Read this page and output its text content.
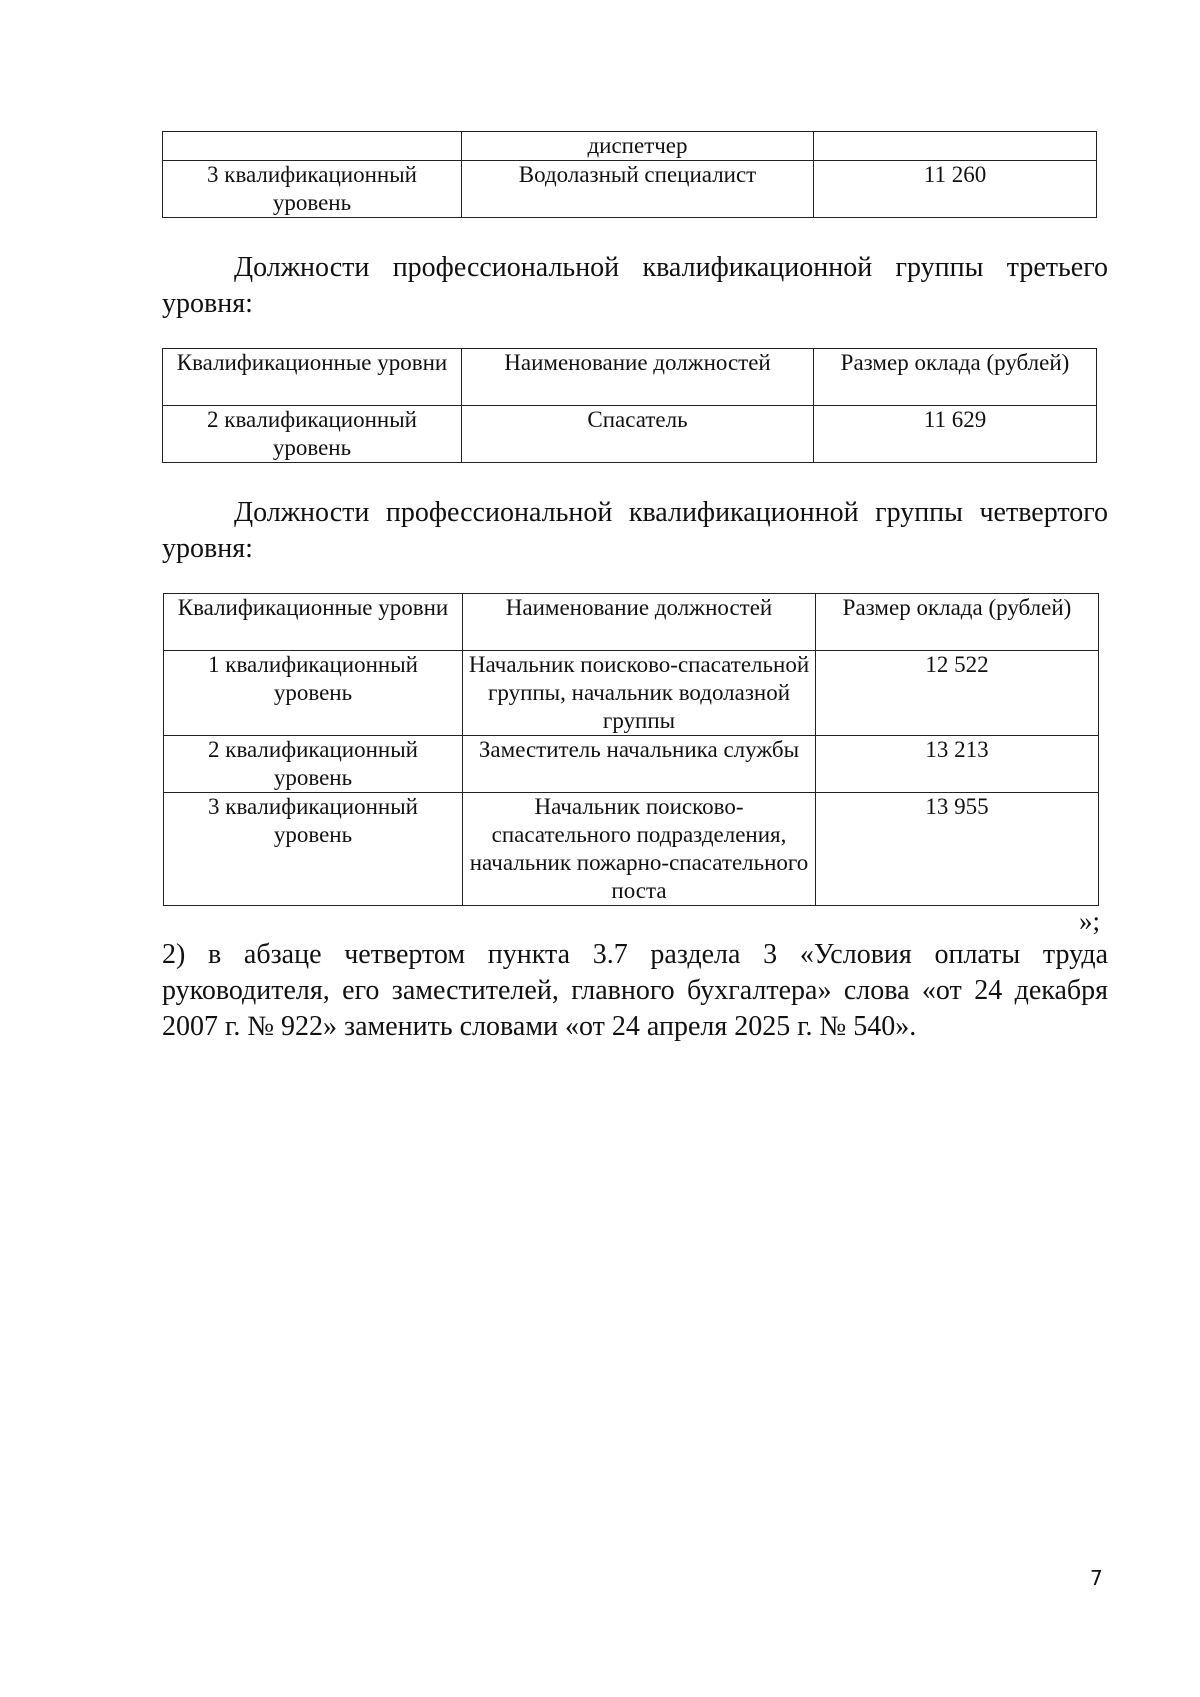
	диспетчер	
3 квалификационный уровень	Водолазный специалист	11 260
Должности профессиональной квалификационной группы третьего уровня:
Квалификационные уровни	Наименование должностей	Размер оклада (рублей)
2 квалификационный уровень	Спасатель	11 629
Должности профессиональной квалификационной группы четвертого уровня:
Квалификационные уровни	Наименование должностей	Размер оклада (рублей)
1 квалификационный уровень	Начальник поисково-спасательной группы, начальник водолазной группы	12 522
2 квалификационный уровень	Заместитель начальника службы	13 213
3 квалификационный уровень	Начальник поисково-спасательного подразделения, начальник пожарно-спасательного поста	13 955
»;
2) в абзаце четвертом пункта 3.7 раздела 3 «Условия оплаты труда руководителя, его заместителей, главного бухгалтера» слова «от 24 декабря 2007 г. № 922» заменить словами «от 24 апреля 2025 г. № 540».
7
